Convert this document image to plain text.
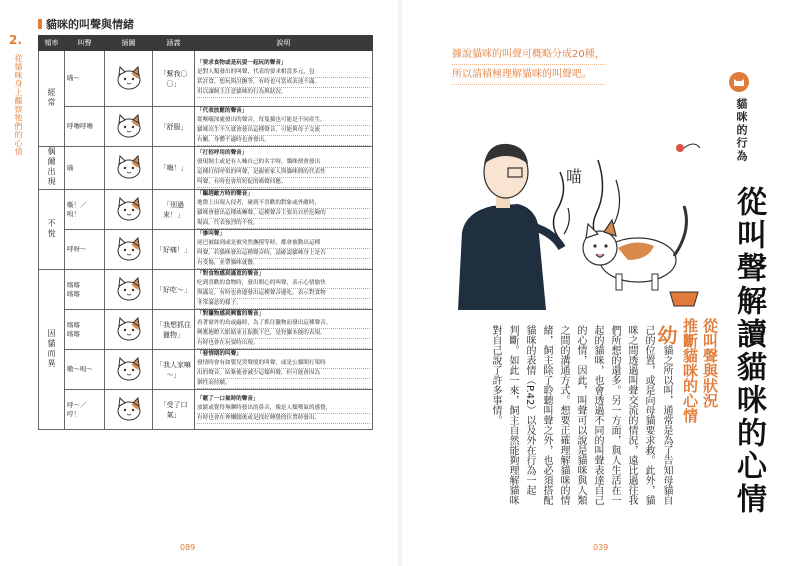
2.
從貓咪身上觀察牠們的心情
貓咪的叫聲與情緒
頻率	叫聲	插圖	涵義	說明
經常	喵～		「幫我〇〇」	「要求食物或是玩耍一起玩的聲音」
是對人類發出的叫聲，代表的要求相當多元，包
括討食、想玩與討撫等，有時也可當成表達不滿。
用以讓飼主注意貓咪的行為與狀況。

	呼嚕呼嚕		「舒服」	「代表放鬆的聲音」
從喉嚨深處發出的聲音，每隻貓也可能是不同產生。
貓咪出生不久就會發出這種聲音，可能與母子交流
有關。身體不適時也會發出。

偶爾出現	喵		「嗨！」	「打招呼用的聲音」
發現飼主或是有人喊自己的名字時，貓咪便會發出
這種打招呼似的叫聲，是親密家人與貓咪間的代表性
叫聲，有時也會用短促的喵聲回應。

不悅	嘶！／
嗚！		「別過來！」	「驅趕敵方時的聲音」
地盤上出現入侵者，碰到不喜歡的對象或外敵時，
貓咪會發出這種威嚇聲，這種聲音主要出自於危險的
場面，代表強烈的不悅。

	呼呀～		「好痛！」	「慘叫聲」
尾巴被踩到或是被突然撫摸等時，都會被動出這種
叫聲。若貓咪發出這種聲音時，請確認貓咪身上是否
有受傷，並帶貓咪就醫。

因貓而異	喀喀
喀喀		「好吃～」	「對食物感到滿意的聲音」
吃到喜歡的食物時，發出開心的叫聲，表示心情愉快
與滿足，有時也會邊發出這種聲音邊吃，表示對食物
非常滿意的樣子。

	喀喀
喀喀		「我想抓住獵物」	「對獵物感到興奮的聲音」
看著窗外的鳥或蟲時，為了抓住獵物而發出這種聲音。
興奮地瞪大眼睛並且振動下巴，是狩獵本能的表現。
有時也會在玩耍時出現。

	嗷～嗚～		「我人家嘛～」	「發情期的叫聲」
發情時會有如嬰兒哭聲般的叫聲，或是公貓間打架時
出的聲音。結紮後會減少這類叫聲，但可能會因為
個性而持續。

	呼～／
哼！		「受了口氣」	「鬆了一口氣時的聲音」
放鬆或覺得無聊時發出的鼻音，像是人類嘆氣的感覺，
有時也會在伸懶腰後或是找好睡覺的位置時發出。
089
據說貓咪的叫聲可概略分成20種，
所以請積極理解貓咪的叫聲吧。
貓咪的行為
從叫聲解讀貓咪的心情
從叫聲與狀況
推斷貓咪的心情
幼貓之所以叫，通常是為了告知母貓自己的位置，或是向母貓要求救。此外，貓咪之間透過叫聲交流的情況，遠比過往我們所想的還多。另一方面，與人生活在一起的貓咪，也會透過不同的叫聲表達自己的心情，因此，叫聲可以說是貓咪與人類之間的溝通方式。想要正確理解貓咪的情緒，飼主除了聆聽叫聲之外，也必須搭配貓咪的表情（P.42）以及外在行為一起判斷。如此一來，飼主自然能夠理解貓咪對自己說了許多事情。
喵
039
